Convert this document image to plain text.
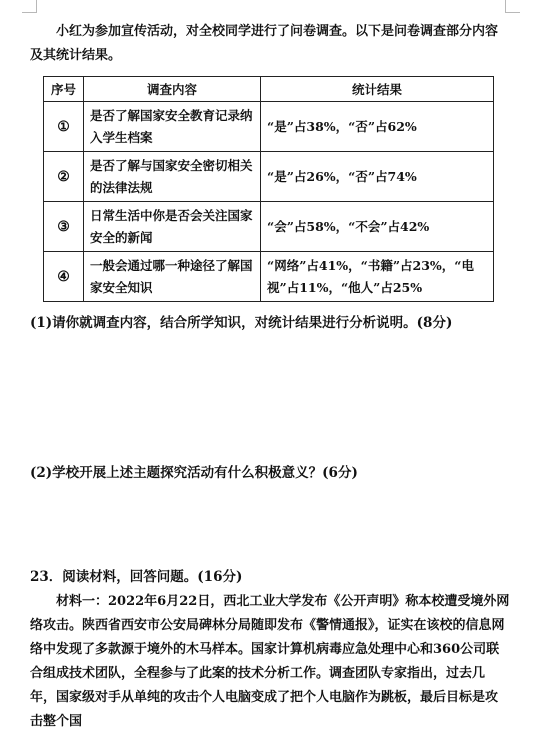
小红为参加宣传活动，对全校同学进行了问卷调查。以下是问卷调查部分内容及其统计结果。
序号	调查内容	统计结果
①	是否了解国家安全教育记录纳入学生档案	“是”占38%，“否”占62%
②	是否了解与国家安全密切相关的法律法规	“是”占26%，“否”占74%
③	日常生活中你是否会关注国家安全的新闻	“会”占58%，“不会”占42%
④	一般会通过哪一种途径了解国家安全知识	“网络”占41%，“书籍”占23%，“电视”占11%，“他人”占25%
(1)请你就调查内容，结合所学知识，对统计结果进行分析说明。(8分)
(2)学校开展上述主题探究活动有什么积极意义？(6分)
23．阅读材料，回答问题。(16分)
材料一：2022年6月22日，西北工业大学发布《公开声明》称本校遭受境外网络攻击。陕西省西安市公安局碑林分局随即发布《警情通报》，证实在该校的信息网络中发现了多款源于境外的木马样本。国家计算机病毒应急处理中心和360公司联合组成技术团队，全程参与了此案的技术分析工作。调查团队专家指出，过去几年，国家级对手从单纯的攻击个人电脑变成了把个人电脑作为跳板，最后目标是攻击整个国
